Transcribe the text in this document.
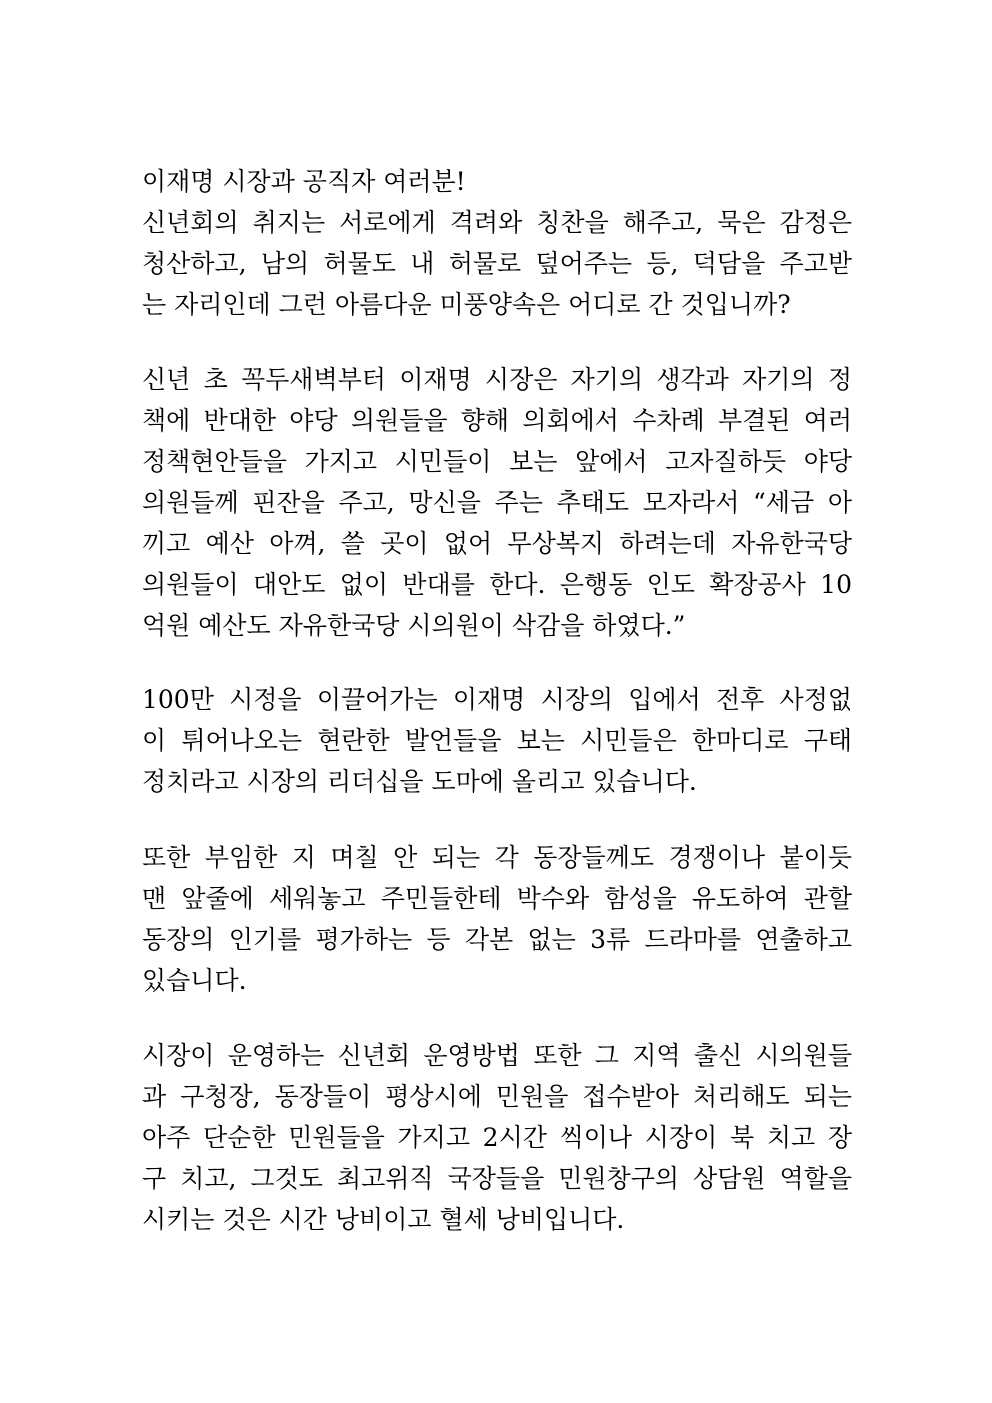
이재명 시장과 공직자 여러분!
신년회의 취지는 서로에게 격려와 칭찬을 해주고, 묵은 감정은
청산하고, 남의 허물도 내 허물로 덮어주는 등, 덕담을 주고받
는 자리인데 그런 아름다운 미풍양속은 어디로 간 것입니까?
신년 초 꼭두새벽부터 이재명 시장은 자기의 생각과 자기의 정
책에 반대한 야당 의원들을 향해 의회에서 수차례 부결된 여러
정책현안들을 가지고 시민들이 보는 앞에서 고자질하듯 야당
의원들께 핀잔을 주고, 망신을 주는 추태도 모자라서 “세금 아
끼고 예산 아껴, 쓸 곳이 없어 무상복지 하려는데 자유한국당
의원들이 대안도 없이 반대를 한다. 은행동 인도 확장공사 10
억원 예산도 자유한국당 시의원이 삭감을 하였다.”
100만 시정을 이끌어가는 이재명 시장의 입에서 전후 사정없
이 튀어나오는 현란한 발언들을 보는 시민들은 한마디로 구태
정치라고 시장의 리더십을 도마에 올리고 있습니다.
또한 부임한 지 며칠 안 되는 각 동장들께도 경쟁이나 붙이듯
맨 앞줄에 세워놓고 주민들한테 박수와 함성을 유도하여 관할
동장의 인기를 평가하는 등 각본 없는 3류 드라마를 연출하고
있습니다.
시장이 운영하는 신년회 운영방법 또한 그 지역 출신 시의원들
과 구청장, 동장들이 평상시에 민원을 접수받아 처리해도 되는
아주 단순한 민원들을 가지고 2시간 씩이나 시장이 북 치고 장
구 치고, 그것도 최고위직 국장들을 민원창구의 상담원 역할을
시키는 것은 시간 낭비이고 혈세 낭비입니다.
